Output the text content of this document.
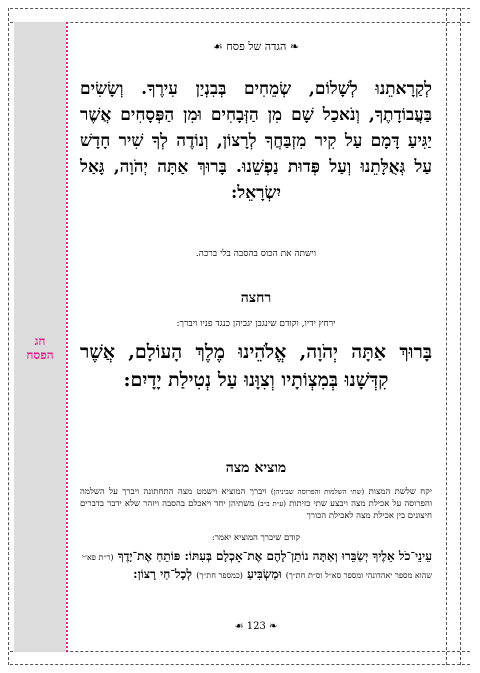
חג
הפסח
❧ הגדה של פסח ☙
לְקַרָאתֵנוּ לְשָׁלוֹם, שְׂמֵחִים בְּבִנְיַן עִירֶךָ. וְשָׂשִׂים בַּעֲבוֹדָתֶךָ, וְנֹאכַל שָׁם מִן הַזְּבָחִים וּמִן הַפְּסָחִים אֲשֶׁר יַגִּיעַ דָּמָם עַל קִיר מִזְבַּחֲךָ לְרָצוֹן, וְנוֹדֶה לְךָ שִׁיר חָדָשׁ עַל גְּאֻלָּתֵנוּ וְעַל פְּדוּת נַפְשֵׁנוּ. בָּרוּךְ אַתָּה יְהֹוָה, גָּאַל יִשְׂרָאֵל:
וישתה את הכוס בהסבה בלי ברכה.
רחצה
ירחץ ידיו, וקודם שינגבן יגביהן כנגד פניו ויברך:
בָּרוּךְ אַתָּה יְהֹוָה, אֱלֹהֵינוּ מֶלֶךְ הָעוֹלָם, אֲשֶׁר קִדְּשָׁנוּ בְּמִצְוֹתָיו וְצִוָּנוּ עַל נְטִילַת יָדָיִם:
מוציא מצה
יקח שלשת המצות (שתי השלמות והפרוסה שביניהן) ויברך המוציא וישמט מצה התחתונה ויברך על השלמה והפרוסה על אכילת מצה ויבצע שתי כזיתות (ע״ת ב״ב) משתיהן יחד ויאכלם בהסבה ויזהר שלא ידבר בדברים חיצונים בין אכילת מצה לאכילת הכורך
קודם שיברך המוציא יאמר:
עֵינֵי־כֹל אֵלֶיךָ יְשַׂבֵּרוּ וְאַתָּה נוֹתֵן־לָהֶם אֶת־אָכְלָם בְּעִתּוֹ: פּוֹתֵחַ אֶת־יָדֶךָ (ר״ת פא״י שהוא מספר יאהדונהי ומספר סא״ל וס״ת חת״ך) וּמַשְׂבִּיעַ (כמספר חת״ך) לְכָל־חַי רָצוֹן:
❧ 123 ☙
